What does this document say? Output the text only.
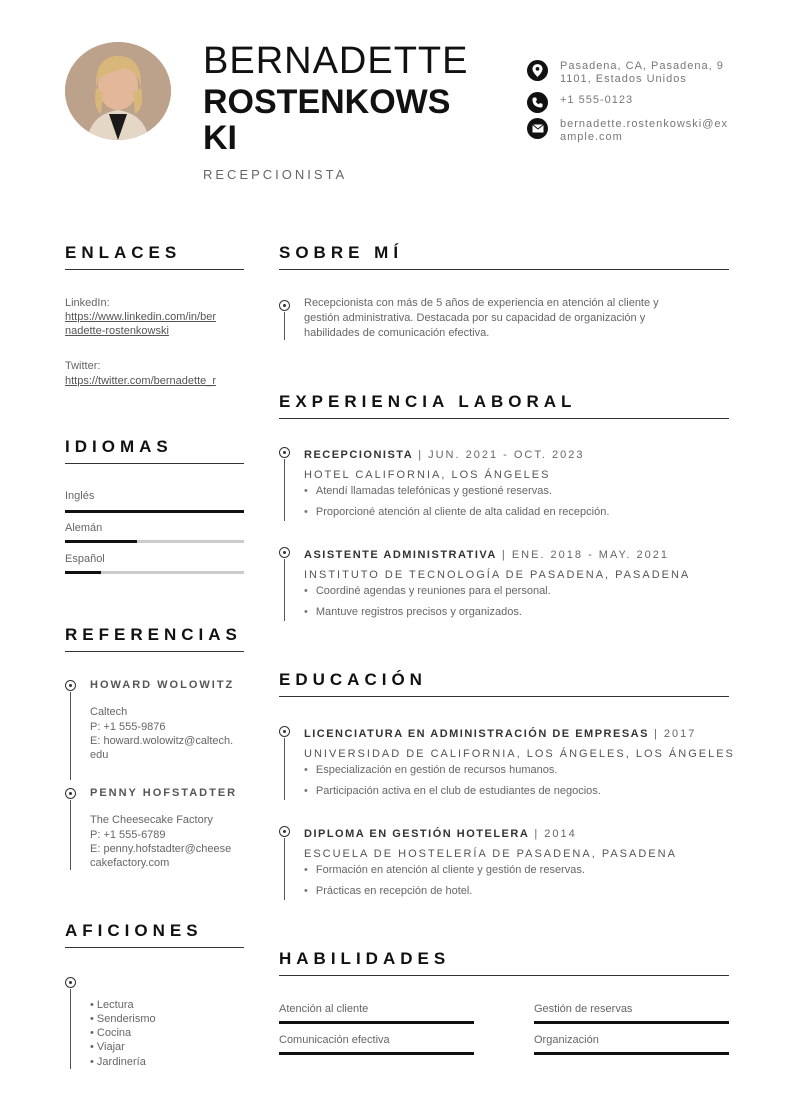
BERNADETTE
ROSTENKOWS
KI
RECEPCIONISTA
Pasadena, CA, Pasadena, 91101, Estados Unidos
+1 555-0123
bernadette.rostenkowski@example.com
ENLACES
LinkedIn:
https://www.linkedin.com/in/ber
nadette-rostenkowski
Twitter:
https://twitter.com/bernadette_r
IDIOMAS
Inglés
Alemán
Español
REFERENCIAS
HOWARD WOLOWITZ
Caltech
P: +1 555-9876
E: howard.wolowitz@caltech.
edu
PENNY HOFSTADTER
The Cheesecake Factory
P: +1 555-6789
E: penny.hofstadter@cheese
cakefactory.com
AFICIONES
• Lectura
• Senderismo
• Cocina
• Viajar
• Jardinería
SOBRE MÍ
Recepcionista con más de 5 años de experiencia en atención al cliente y
gestión administrativa. Destacada por su capacidad de organización y
habilidades de comunicación efectiva.
EXPERIENCIA LABORAL
RECEPCIONISTA | JUN. 2021 - OCT. 2023
HOTEL CALIFORNIA, LOS ÁNGELES
• Atendí llamadas telefónicas y gestioné reservas.
• Proporcioné atención al cliente de alta calidad en recepción.
ASISTENTE ADMINISTRATIVA | ENE. 2018 - MAY. 2021
INSTITUTO DE TECNOLOGÍA DE PASADENA, PASADENA
• Coordiné agendas y reuniones para el personal.
• Mantuve registros precisos y organizados.
EDUCACIÓN
LICENCIATURA EN ADMINISTRACIÓN DE EMPRESAS | 2017
UNIVERSIDAD DE CALIFORNIA, LOS ÁNGELES, LOS ÁNGELES
• Especialización en gestión de recursos humanos.
• Participación activa en el club de estudiantes de negocios.
DIPLOMA EN GESTIÓN HOTELERA | 2014
ESCUELA DE HOSTELERÍA DE PASADENA, PASADENA
• Formación en atención al cliente y gestión de reservas.
• Prácticas en recepción de hotel.
HABILIDADES
Atención al cliente	Gestión de reservas
Comunicación efectiva	Organización
